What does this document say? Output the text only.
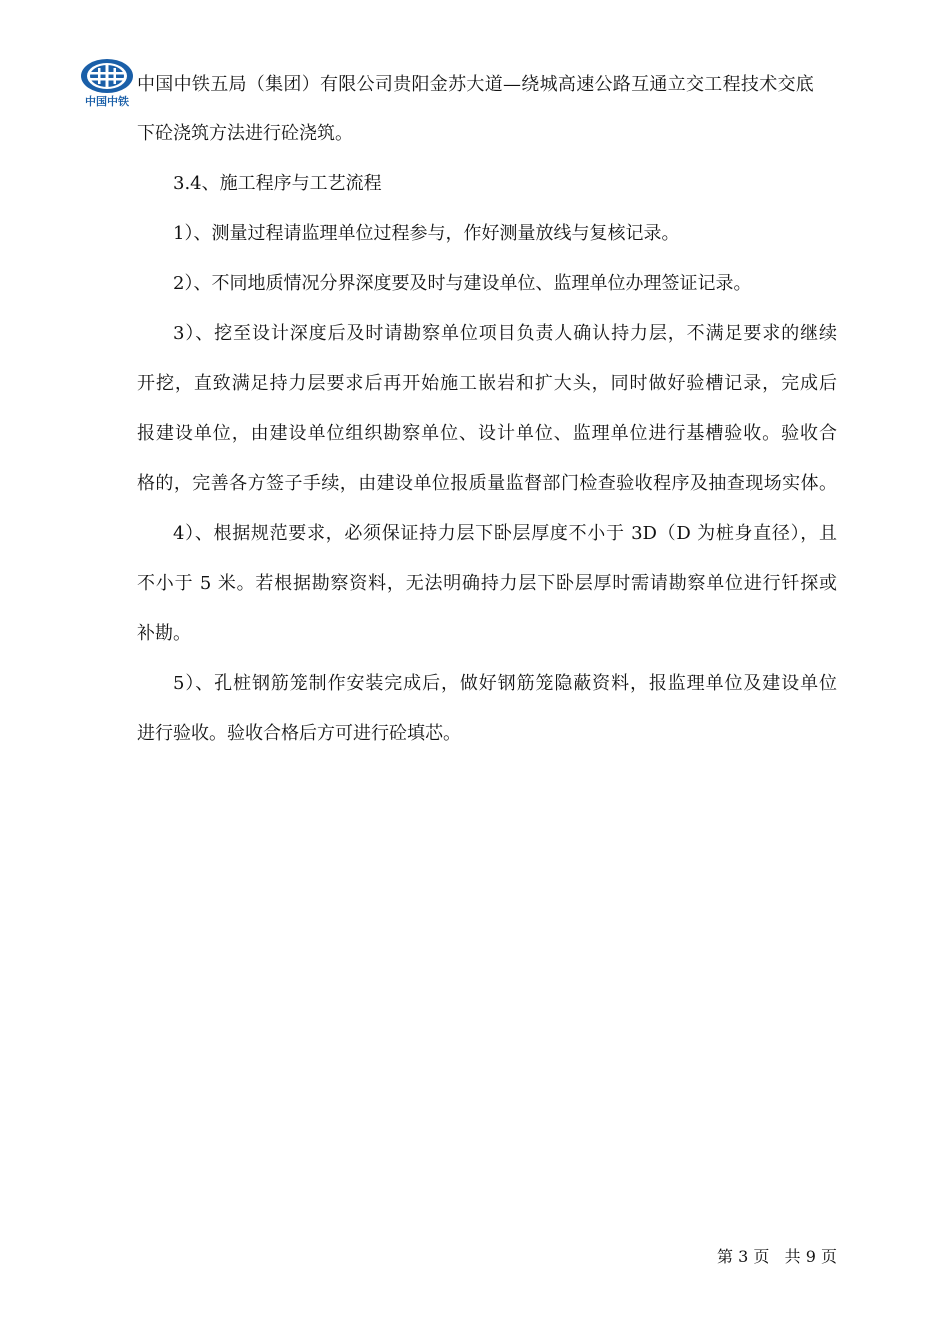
中国中铁
中国中铁五局（集团）有限公司贵阳金苏大道—绕城高速公路互通立交工程技术交底
下砼浇筑方法进行砼浇筑。
3.4、施工程序与工艺流程
1）、测量过程请监理单位过程参与，作好测量放线与复核记录。
2）、不同地质情况分界深度要及时与建设单位、监理单位办理签证记录。
3）、挖至设计深度后及时请勘察单位项目负责人确认持力层，不满足要求的继续
开挖，直致满足持力层要求后再开始施工嵌岩和扩大头，同时做好验槽记录，完成后
报建设单位，由建设单位组织勘察单位、设计单位、监理单位进行基槽验收。验收合
格的，完善各方签子手续，由建设单位报质量监督部门检查验收程序及抽查现场实体。
4）、根据规范要求，必须保证持力层下卧层厚度不小于 3D（D 为桩身直径），且
不小于 5 米。若根据勘察资料，无法明确持力层下卧层厚时需请勘察单位进行钎探或
补勘。
5）、孔桩钢筋笼制作安装完成后，做好钢筋笼隐蔽资料，报监理单位及建设单位
进行验收。验收合格后方可进行砼填芯。
第 3 页   共 9 页
